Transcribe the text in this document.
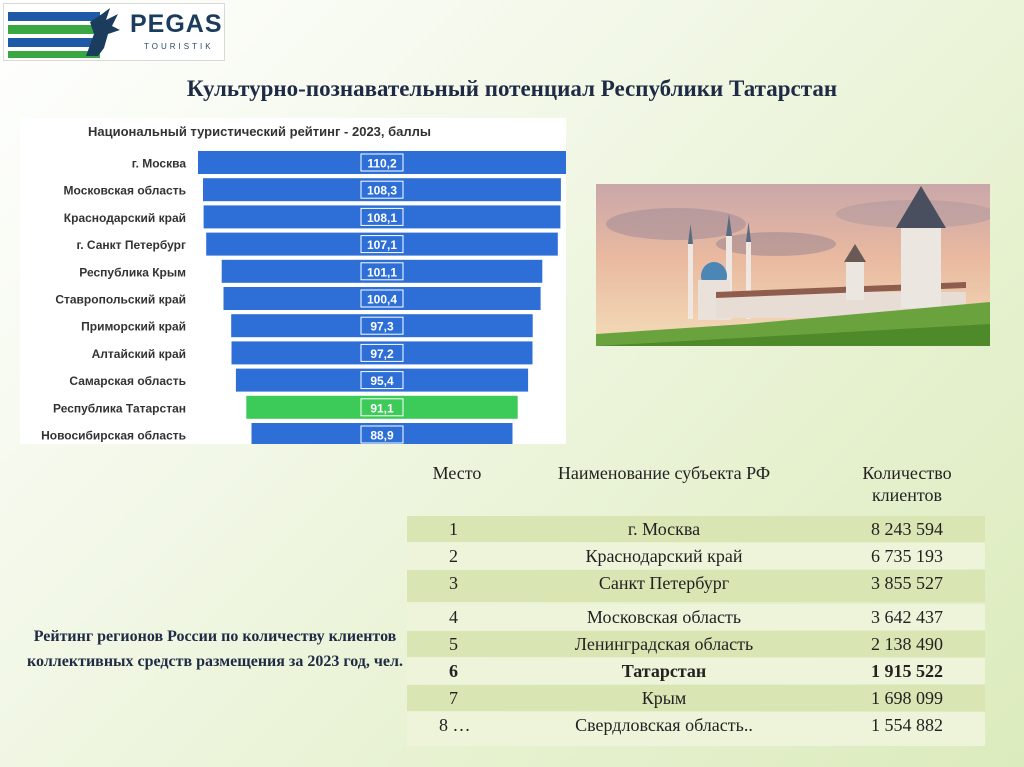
PEGAS
TOURISTIK
Культурно-познавательный потенциал Республики Татарстан
Национальный туристический рейтинг - 2023, баллы
110,2
г. Москва
108,3
Московская область
108,1
Краснодарский край
107,1
г. Санкт Петербург
101,1
Республика Крым
100,4
Ставропольский край
97,3
Приморский край
97,2
Алтайский край
95,4
Самарская область
91,1
Республика Татарстан
88,9
Новосибирская область
Рейтинг регионов России по количеству клиентов коллективных средств размещения за 2023 год, чел.
Место	Наименование субъекта РФ	Количество клиентов
1	г. Москва	8 243 594
2	Краснодарский край	6 735 193
3	Санкт Петербург	3 855 527
4	Московская область	3 642 437
5	Ленинградская область	2 138 490
6	Татарстан	1 915 522
7	Крым	1 698 099
8 …	Свердловская область..	1 554 882
